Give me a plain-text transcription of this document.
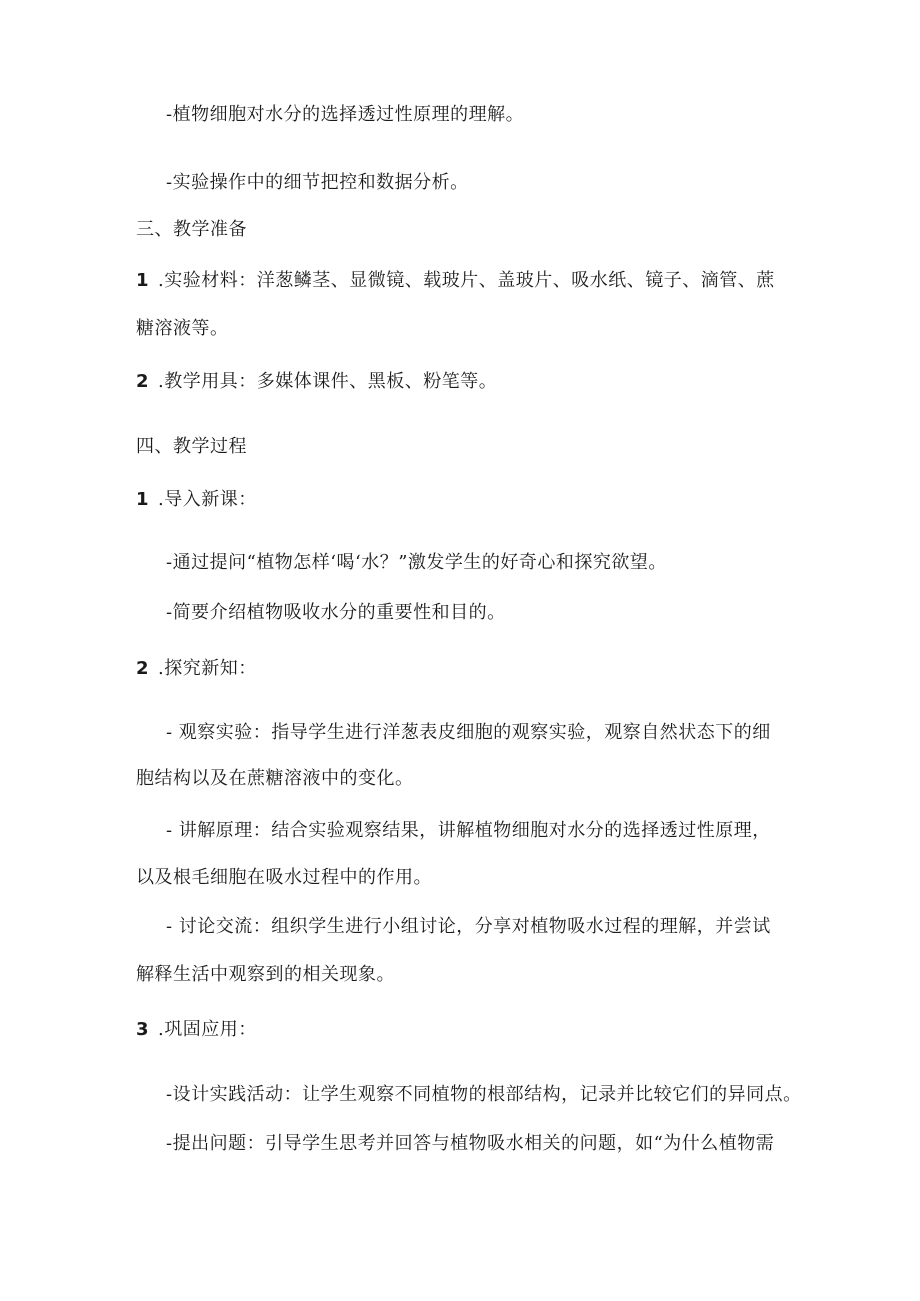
-植物细胞对水分的选择透过性原理的理解。
-实验操作中的细节把控和数据分析。
三、教学准备
1 .实验材料：洋葱鳞茎、显微镜、载玻片、盖玻片、吸水纸、镜子、滴管、蔗
糖溶液等。
2 .教学用具：多媒体课件、黑板、粉笔等。
四、教学过程
1 .导入新课：
-通过提问“植物怎样‘喝‘水？”激发学生的好奇心和探究欲望。
-简要介绍植物吸收水分的重要性和目的。
2 .探究新知：
- 观察实验：指导学生进行洋葱表皮细胞的观察实验，观察自然状态下的细
胞结构以及在蔗糖溶液中的变化。
- 讲解原理：结合实验观察结果，讲解植物细胞对水分的选择透过性原理，
以及根毛细胞在吸水过程中的作用。
- 讨论交流：组织学生进行小组讨论，分享对植物吸水过程的理解，并尝试
解释生活中观察到的相关现象。
3 .巩固应用：
-设计实践活动：让学生观察不同植物的根部结构，记录并比较它们的异同点。
-提出问题：引导学生思考并回答与植物吸水相关的问题，如“为什么植物需
